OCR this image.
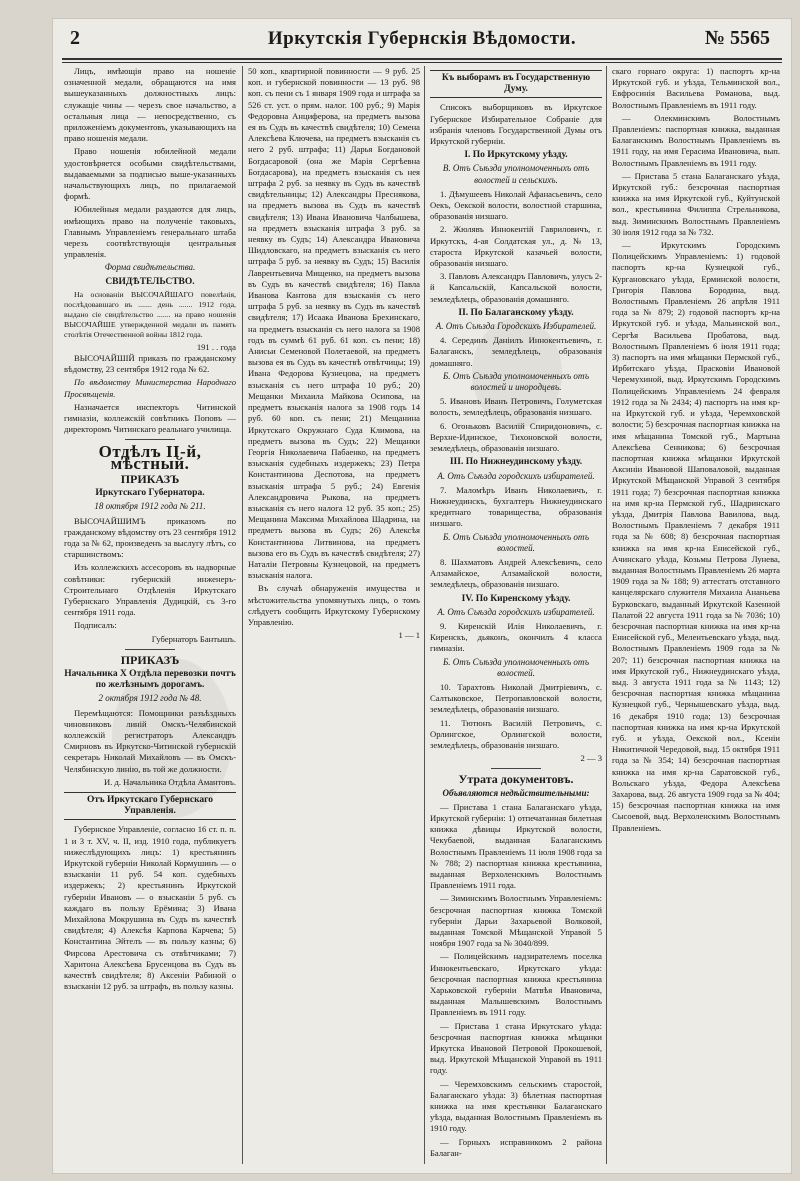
2	Иркутскія Губернскія Вѣдомости.	№ 5565

Лицъ, имѣющія право на ношеніе означенной медали, обращаются на имя вышеуказанныхъ должностныхъ лицъ: служащіе чины — черезъ свое начальство, а остальныя лица — непосредственно, съ приложеніемъ документовъ, указывающихъ на право ношенія медали.

Право ношенія юбилейной медали удостовѣряется особыми свидѣтельствами, выдаваемыми за подписью выше-указанныхъ начальствующихъ лицъ, по прилагаемой формѣ.

Юбилейныя медали раздаются для лицъ, имѣющихъ право на полученіе таковыхъ, Главнымъ Управленіемъ генеральнаго штаба черезъ соотвѣтствующія центральныя управленія.

Форма свидѣтельства.
СВИДѢТЕЛЬСТВО.

На основаніи ВЫСОЧАЙШАГО повелѣнія, послѣдовавшаго въ ....... день ....... 1912 года, выдано сіе свидѣтельство ....... на право ношенія ВЫСОЧАЙШЕ утвержденной медали въ память столѣтія Отечественной войны 1812 года.

191 . . года

ВЫСОЧАЙШІЙ приказъ по гражданскому вѣдомству, 23 сентября 1912 года № 62.

По вѣдомству Министерства Народнаго Просвѣщенія.

Назначается инспекторъ Читинской гимназіи, коллежскій совѣтникъ Поповъ — директоромъ Читинскаго реальнаго училища.

Отдѣлъ II-й, мѣстный.
ПРИКАЗЪ
Иркутскаго Губернатора.
18 октября 1912 года № 211.

ВЫСОЧАЙШИМЪ приказомъ по гражданскому вѣдомству отъ 23 сентября 1912 года за № 62, произведенъ за выслугу лѣтъ, со старшинствомъ:

Изъ коллежскихъ ассесоровъ въ надворные совѣтники: губернскій инженеръ-Строительнаго Отдѣленія Иркутскаго Губернскаго Управленія Дудицкій, съ 3-го сентября 1911 года.

Подписалъ:

Губернаторъ Бантышъ.
ПРИКАЗЪ
Начальника Х Отдѣла перевозки почтъ по желѣзнымъ дорогамъ.
2 октября 1912 года № 48.

Перемѣщаются: Помощники разъѣздныхъ чиновниковъ линій Омскъ-Челябинской коллежскій регистраторъ Александръ Смирновъ въ Иркутско-Читинской губернскій секретарь Николай Михайловъ — въ Омскъ-Челябинскую линію, въ той же должности.

И. д. Начальника Отдѣла Амантовъ.
Отъ Иркутскаго Губернскаго Управленія.

Губернское Управленіе, согласно 16 ст. п. п. 1 и 3 т. XV, ч. II, изд. 1910 года, публикуетъ нижеслѣдующихъ лицъ: 1) крестьянинъ Иркутской губерніи Николай Кормушинъ — о взысканіи 11 руб. 54 коп. судебныхъ издержекъ; 2) крестьянинъ Иркутской губерніи Ивановъ — о взысканіи 5 руб. съ каждаго въ пользу Ерёмина; 3) Ивана Михайлова Мокрушина въ Судъ въ качествѣ свидѣтеля; 4) Алексѣя Карпова Карчева; 5) Константина Эйтелъ — въ пользу казны; 6) Фирсова Арестовича съ отвѣтчиками; 7) Харитона Алексѣева Брусенцова въ Судъ въ качествѣ свидѣтеля; 8) Аксеніи Рабиной о взысканіи 12 руб. за штрафъ, въ пользу казны.

50 коп., квартирной повинности — 9 руб. 25 коп. и губернской повинности — 13 руб. 98 коп. съ пени съ 1 января 1909 года и штрафа за 526 ст. уст. о прям. налог. 100 руб.; 9) Марія Федоровна Анциферова, на предметъ вызова ея въ Судъ въ качествѣ свидѣтеля; 10) Семена Алексѣева Ключева, на предметъ взысканія съ него 2 руб. штрафа; 11) Дарья Богдановой Богдасаровой (она же Марія Сергѣевна Богдасарова), на предметъ взысканія съ нея штрафа 2 руб. за неявку въ Судъ въ качествѣ свидѣтельницы; 12) Александры Преснякова, на предметъ вызова въ Судъ въ качествѣ свидѣтеля; 13) Ивана Ивановича Чалбышева, на предметъ взысканія штрафа 3 руб. за неявку въ Судъ; 14) Александра Ивановича Шидловскаго, на предметъ взысканія съ него штрафа 5 руб. за неявку въ Судъ; 15) Василія Лаврентьевича Мищенко, на предметъ вызова въ Судъ въ качествѣ свидѣтеля; 16) Павла Иванова Кантова для взысканія съ него штрафа 5 руб. за неявку въ Судъ въ качествѣ свидѣтеля; 17) Исаака Иванова Брехинскаго, на предметъ взысканія съ него налога за 1908 годъ въ суммѣ 61 руб. 61 коп. съ пени; 18) Анисьи Семеновой Полетаевой, на предметъ вызова ея въ Судъ въ качествѣ отвѣтчицы; 19) Ивана Федорова Кузнецова, на предметъ взысканія съ него штрафа 10 руб.; 20) Мещанки Михаила Майкова Осипова, на предметъ взысканія налога за 1908 годъ 14 руб. 60 коп. съ пени; 21) Мещанина Иркутскаго Окружнаго Суда Климова, на предметъ вызова въ Судъ; 22) Мещанки Георгія Николаевича Пабаенко, на предметъ взысканія судебныхъ издержекъ; 23) Петра Константинова Деспотова, на предметъ взысканія штрафа 5 руб.; 24) Евгенія Александровича Рыкова, на предметъ взысканія съ него налога 12 руб. 35 коп.; 25) Мещанина Максима Михайлова Шадрина, на предметъ вызова въ Судъ; 26) Алексѣя Константинова Литвинова, на предметъ вызова его въ Судъ въ качествѣ свидѣтеля; 27) Наталіи Петровны Кузнецовой, на предметъ взысканія налога.

Въ случаѣ обнаруженія имущества и мѣстожительства упомянутыхъ лицъ, о томъ слѣдуетъ сообщить Иркутскому Губернскому Управленію.

1 — 1
Къ выборамъ въ Государственную Думу.

Списокъ выборщиковъ въ Иркутское Губернское Избирательное Собраніе для избранія членовъ Государственной Думы отъ Иркутской губерніи.

I. По Иркутскому уѣзду.
В. Отъ Съѣзда уполномоченныхъ отъ волостей и сельскихъ.

1. Дѣмушеевъ Николай Афанасьевичъ, село Оекъ, Оекской волости, волостной старшина, образованія низшаго.

2. Жюлявъ Иннокентій Гавриловичъ, г. Иркутскъ, 4-ая Солдатская ул., д. № 13, староста Иркутской казачьей волости, образованія низшаго.

3. Павловъ Александръ Павловичъ, улусъ 2-й Капсальскій, Капсальской волости, земледѣлецъ, образованія домашняго.

II. По Балаганскому уѣзду.
А. Отъ Съѣзда Городскихъ Избирателей.

4. Серединъ Даніилъ Иннокентьевичъ, г. Балаганскъ, земледѣлецъ, образованія домашняго.

Б. Отъ Съѣзда уполномоченныхъ отъ волостей и инородцевъ.

5. Ивановъ Иванъ Петровичъ, Голуметская волость, земледѣлецъ, образованія низшаго.

6. Огоньковъ Василій Спиридоновичъ, с. Верхне-Идинское, Тихоновской волости, земледѣлецъ, образованія низшаго.

III. По Нижнеудинскому уѣзду.
А. Отъ Съѣзда городскихъ избирателей.

7. Маломѣръ Иванъ Николаевичъ, г. Нижнеудинскъ, бухгалтеръ Нижнеудинскаго кредитнаго товарищества, образованія низшаго.

Б. Отъ Съѣзда уполномоченныхъ отъ волостей.

8. Шахматовъ Андрей Алексѣевичъ, село Алзамайское, Алзамайской волости, земледѣлецъ, образованія низшаго.

IV. По Киренскому уѣзду.
А. Отъ Съѣзда городскихъ избирателей.

9. Киренскій Илія Николаевичъ, г. Киренскъ, дьяконъ, окончилъ 4 класса гимназіи.

Б. Отъ Съѣзда уполномоченныхъ отъ волостей.

10. Тарахтовъ Николай Дмитріевичъ, с. Салтыковское, Петропавловской волости, земледѣлецъ, образованія низшаго.

11. Тютюнъ Василій Петровичъ, с. Орлингское, Орлингской волости, земледѣлецъ, образованія низшаго.

2 — 3
Утрата документовъ.
Объявляются недѣйствительными:

— Пристава 1 стана Балаганскаго уѣзда, Иркутской губерніи: 1) отпечатанная билетная книжка дѣвицы Иркутской волости, Чекубаевой, выданная Балаганскимъ Волостнымъ Правленіемъ 11 іюля 1908 года за № 788; 2) паспортная книжка крестьянина, выданная Верхоленскимъ Волостнымъ Правленіемъ 1911 года.

— Зиминскимъ Волостнымъ Управленіемъ: безсрочная паспортная книжка Томской губерніи Дарьи Захарьевой Волковой, выданная Томской Мѣщанской Управой 5 ноября 1907 года за № 3040/899.

— Полицейскимъ надзирателемъ поселка Иннокентьевскаго, Иркутскаго уѣзда: безсрочная паспортная книжка крестьянина Харьковской губерніи Матвѣя Ивановича, выданная Малышевскимъ Волостнымъ Правленіемъ въ 1911 году.

— Пристава 1 стана Иркутскаго уѣзда: безсрочная паспортная книжка мѣщанки Иркутска Ивановой Петровой Прокошевой, выд. Иркутской Мѣщанской Управой въ 1911 году.

— Черемховскимъ сельскимъ старостой, Балаганскаго уѣзда: 3) бѣлетная паспортная книжка на имя крестьянки Балаганскаго уѣзда, выданная Волостнымъ Правленіемъ въ 1910 году.

— Горныхъ исправникомъ 2 района Балаган-

скаго горнаго округа: 1) паспортъ кр-на Иркутской губ. и уѣзда, Тельминской вол., Евфросинія Васильева Романова, выд. Волостнымъ Правленіемъ въ 1911 году.

— Олекминскимъ Волостнымъ Правленіемъ: паспортная книжка, выданная Балаганскимъ Волостнымъ Правленіемъ въ 1911 году, на имя Герасима Ивановича, вып. Волостнымъ Правленіемъ въ 1911 году.

— Пристава 5 стана Балаганскаго уѣзда, Иркутской губ.: безсрочная паспортная книжка на имя Иркутской губ., Куйтунской вол., крестьянина Филиппа Стрельникова, выд. Зиминскимъ Волостнымъ Правленіемъ 30 іюля 1912 года за № 732.

— Иркутскимъ Городскимъ Полицейскимъ Управленіемъ: 1) годовой паспортъ кр-на Кузнецкой губ., Кургановскаго уѣзда, Ерминской волости, Григорія Павлова Бородина, выд. Волостнымъ Правленіемъ 26 апрѣля 1911 года за № 879; 2) годовой паспортъ кр-на Иркутской губ. и уѣзда, Мальинской вол., Сергѣя Васильева Пробатова, выд. Волостнымъ Правленіемъ 6 іюля 1911 года; 3) паспортъ на имя мѣщанки Пермской губ., Ирбитскаго уѣзда, Прасковіи Ивановой Черемухиной, выд. Иркутскимъ Городскимъ Полицейскимъ Управленіемъ 24 февраля 1912 года за № 2434; 4) паспортъ на имя кр-на Иркутской губ. и уѣзда, Черемховской волости; 5) безсрочная паспортная книжка на имя мѣщанина Томской губ., Мартына Алексѣева Сенникова; 6) безсрочная паспортная книжка мѣщанки Иркутской Аксиніи Ивановой Шаповаловой, выданная Иркутской Мѣщанской Управой 3 сентября 1911 года; 7) безсрочная паспортная книжка на имя кр-на Пермской губ., Шадринскаго уѣзда, Дмитрія Павлова Вавилова, выд. Волостнымъ Правленіемъ 7 декабря 1911 года за № 608; 8) безсрочная паспортная книжка на имя кр-на Енисейской губ., Ачинскаго уѣзда, Козьмы Петрова Лунева, выданная Волостнымъ Правленіемъ 26 марта 1909 года за № 188; 9) аттестатъ отставного канцелярскаго служителя Михаила Ананьева Бурковскаго, выданный Иркутской Казенной Палатой 22 августа 1911 года за № 7036; 10) безсрочная паспортная книжка на имя кр-на Енисейской губ., Мелентьевскаго уѣзда, выд. Волостнымъ Правленіемъ 1909 года за № 207; 11) безсрочная паспортная книжка на имя Иркутской губ., Нижнеудинскаго уѣзда, выд. 3 августа 1911 года за № 1143; 12) безсрочная паспортная книжка мѣщанина Кузнецкой губ., Чернышевскаго уѣзда, выд. 16 декабря 1910 года; 13) безсрочная паспортная книжка на имя кр-на Иркутской губ. и уѣзда, Оекской вол., Ксеніи Никитичной Чередовой, выд. 15 октября 1911 года за № 354; 14) безсрочная паспортная книжка на имя кр-на Саратовской губ., Вольскаго уѣзда, Федора Алексѣева Захарова, выд. 26 августа 1909 года за № 404; 15) безсрочная паспортная книжка на имя Сысоевой, выд. Верхоленскимъ Волостнымъ Правленіемъ.
